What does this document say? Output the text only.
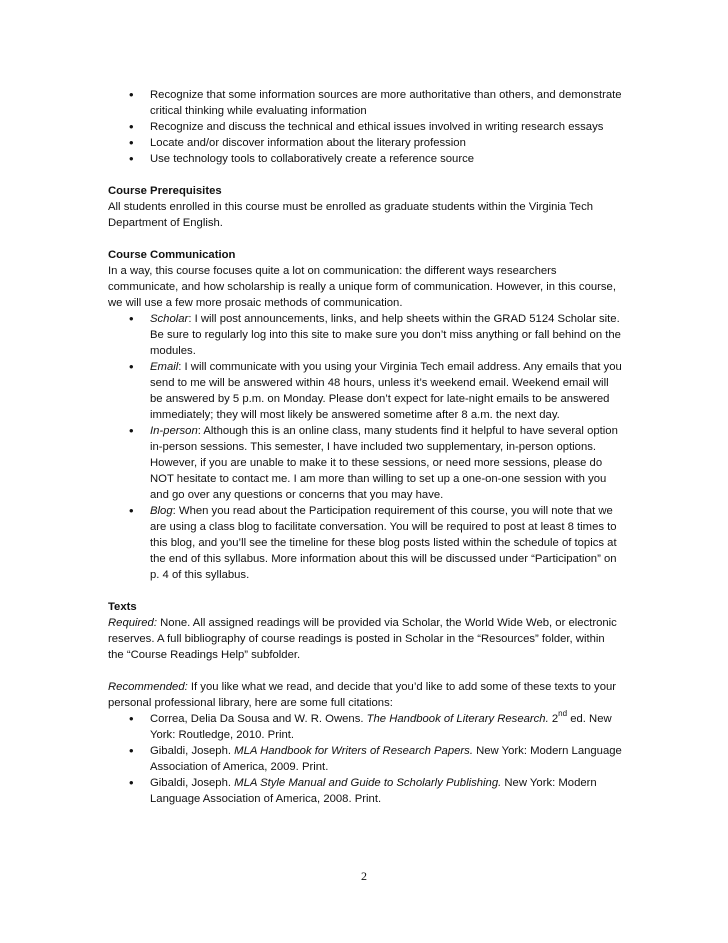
• Recognize that some information sources are more authoritative than others, and demonstrate critical thinking while evaluating information
• Recognize and discuss the technical and ethical issues involved in writing research essays
• Locate and/or discover information about the literary profession
• Use technology tools to collaboratively create a reference source
Course Prerequisites
All students enrolled in this course must be enrolled as graduate students within the Virginia Tech Department of English.
Course Communication
In a way, this course focuses quite a lot on communication: the different ways researchers communicate, and how scholarship is really a unique form of communication. However, in this course, we will use a few more prosaic methods of communication.
• Scholar: I will post announcements, links, and help sheets within the GRAD 5124 Scholar site. Be sure to regularly log into this site to make sure you don’t miss anything or fall behind on the modules.
• Email: I will communicate with you using your Virginia Tech email address. Any emails that you send to me will be answered within 48 hours, unless it’s weekend email. Weekend email will be answered by 5 p.m. on Monday. Please don’t expect for late-night emails to be answered immediately; they will most likely be answered sometime after 8 a.m. the next day.
• In-person: Although this is an online class, many students find it helpful to have several option in-person sessions. This semester, I have included two supplementary, in-person options. However, if you are unable to make it to these sessions, or need more sessions, please do NOT hesitate to contact me. I am more than willing to set up a one-on-one session with you and go over any questions or concerns that you may have.
• Blog: When you read about the Participation requirement of this course, you will note that we are using a class blog to facilitate conversation. You will be required to post at least 8 times to this blog, and you’ll see the timeline for these blog posts listed within the schedule of topics at the end of this syllabus. More information about this will be discussed under “Participation” on p. 4 of this syllabus.
Texts
Required: None. All assigned readings will be provided via Scholar, the World Wide Web, or electronic reserves. A full bibliography of course readings is posted in Scholar in the “Resources” folder, within the “Course Readings Help” subfolder.
Recommended: If you like what we read, and decide that you’d like to add some of these texts to your personal professional library, here are some full citations:
• Correa, Delia Da Sousa and W. R. Owens. The Handbook of Literary Research. 2nd ed. New York: Routledge, 2010. Print.
• Gibaldi, Joseph. MLA Handbook for Writers of Research Papers. New York: Modern Language Association of America, 2009. Print.
• Gibaldi, Joseph. MLA Style Manual and Guide to Scholarly Publishing. New York: Modern Language Association of America, 2008. Print.
2
